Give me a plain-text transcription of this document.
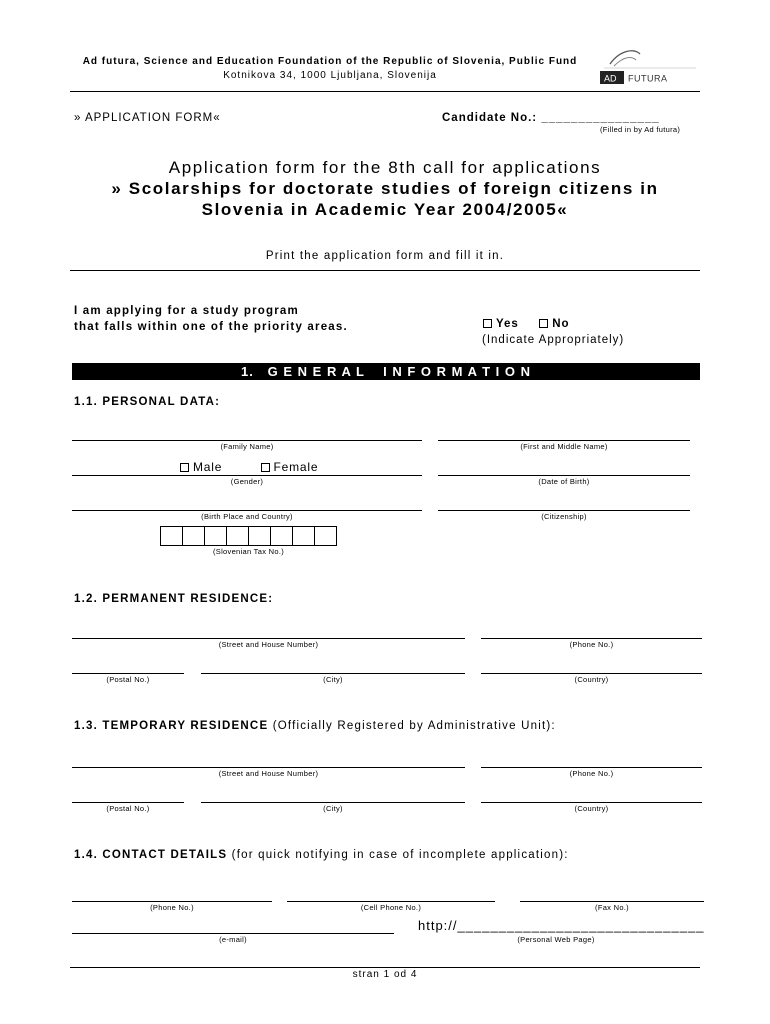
Ad futura, Science and Education Foundation of the Republic of Slovenia, Public Fund
Kotnikova 34, 1000 Ljubljana, Slovenija	AD FUTURA
» APPLICATION FORM«	Candidate No.: ________________
(Filled in by Ad futura)
Application form for the 8th call for applications
» Scolarships for doctorate studies of foreign citizens in
Slovenia in Academic Year 2004/2005«
Print the application form and fill it in.
I am applying for a study program
that falls within one of the priority areas.	Yes	No
(Indicate Appropriately)
1.   G E N E R A L    I N F O R M A T I O N
1.1. PERSONAL DATA:
(Family Name)	(First and Middle Name)
Male	Female
(Gender)	(Date of Birth)
(Birth Place and Country)	(Citizenship)
(Slovenian Tax No.)
1.2. PERMANENT RESIDENCE:
(Street and House Number)	(Phone No.)
(Postal No.)	(City)	(Country)
1.3. TEMPORARY RESIDENCE (Officially Registered by Administrative Unit):
(Street and House Number)	(Phone No.)
(Postal No.)	(City)	(Country)
1.4. CONTACT DETAILS (for quick notifying in case of incomplete application):
(Phone No.)	(Cell Phone No.)	(Fax No.)
(e-mail)
http://______________________________
(Personal Web Page)
stran 1 od 4
